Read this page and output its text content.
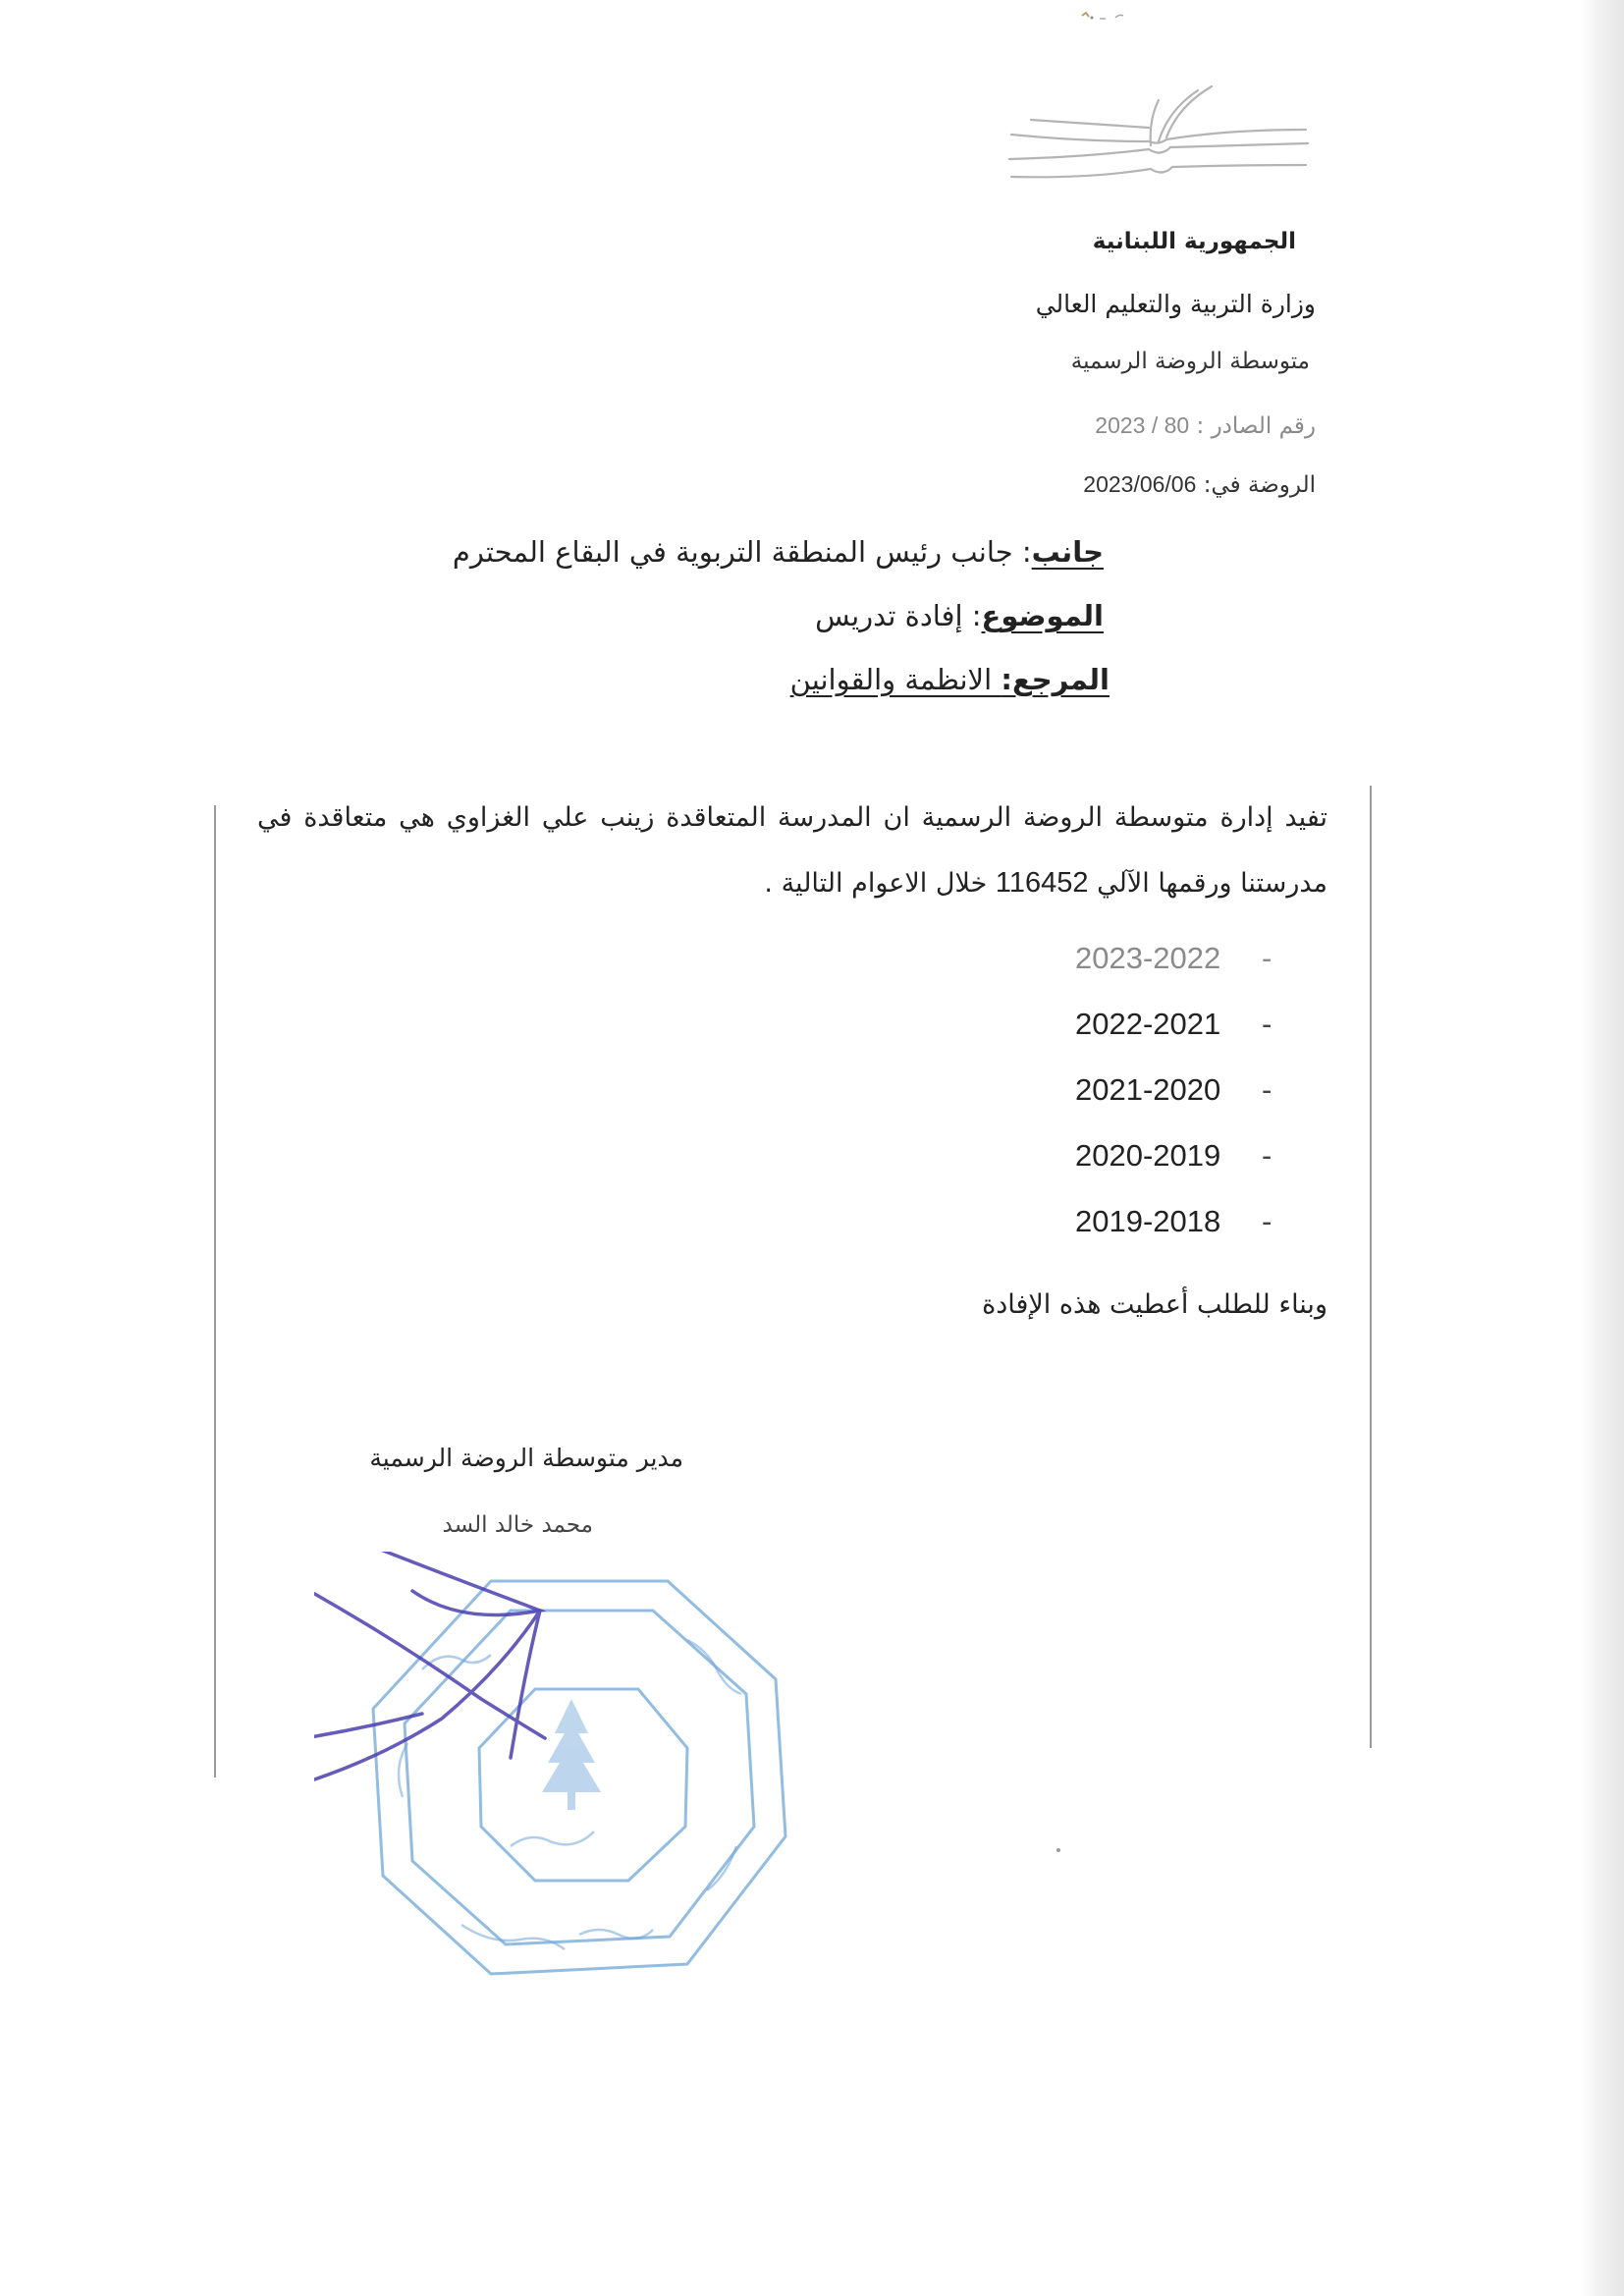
الجمهورية اللبنانية
وزارة التربية والتعليم العالي
متوسطة الروضة الرسمية
رقم الصادر : 2023 / 80
الروضة في: 2023/06/06
جانب: جانب رئيس المنطقة التربوية في البقاع المحترم
الموضوع: إفادة تدريس
المرجع: الانظمة والقوانين
تفيد إدارة متوسطة الروضة الرسمية ان المدرسة المتعاقدة زينب علي الغزاوي هي متعاقدة في مدرستنا ورقمها الآلي 116452 خلال الاعوام التالية .
2023-2022 -
2022-2021 -
2021-2020 -
2020-2019 -
2019-2018 -
وبناء للطلب أعطيت هذه الإفادة
مدير متوسطة الروضة الرسمية
محمد خالد السد
